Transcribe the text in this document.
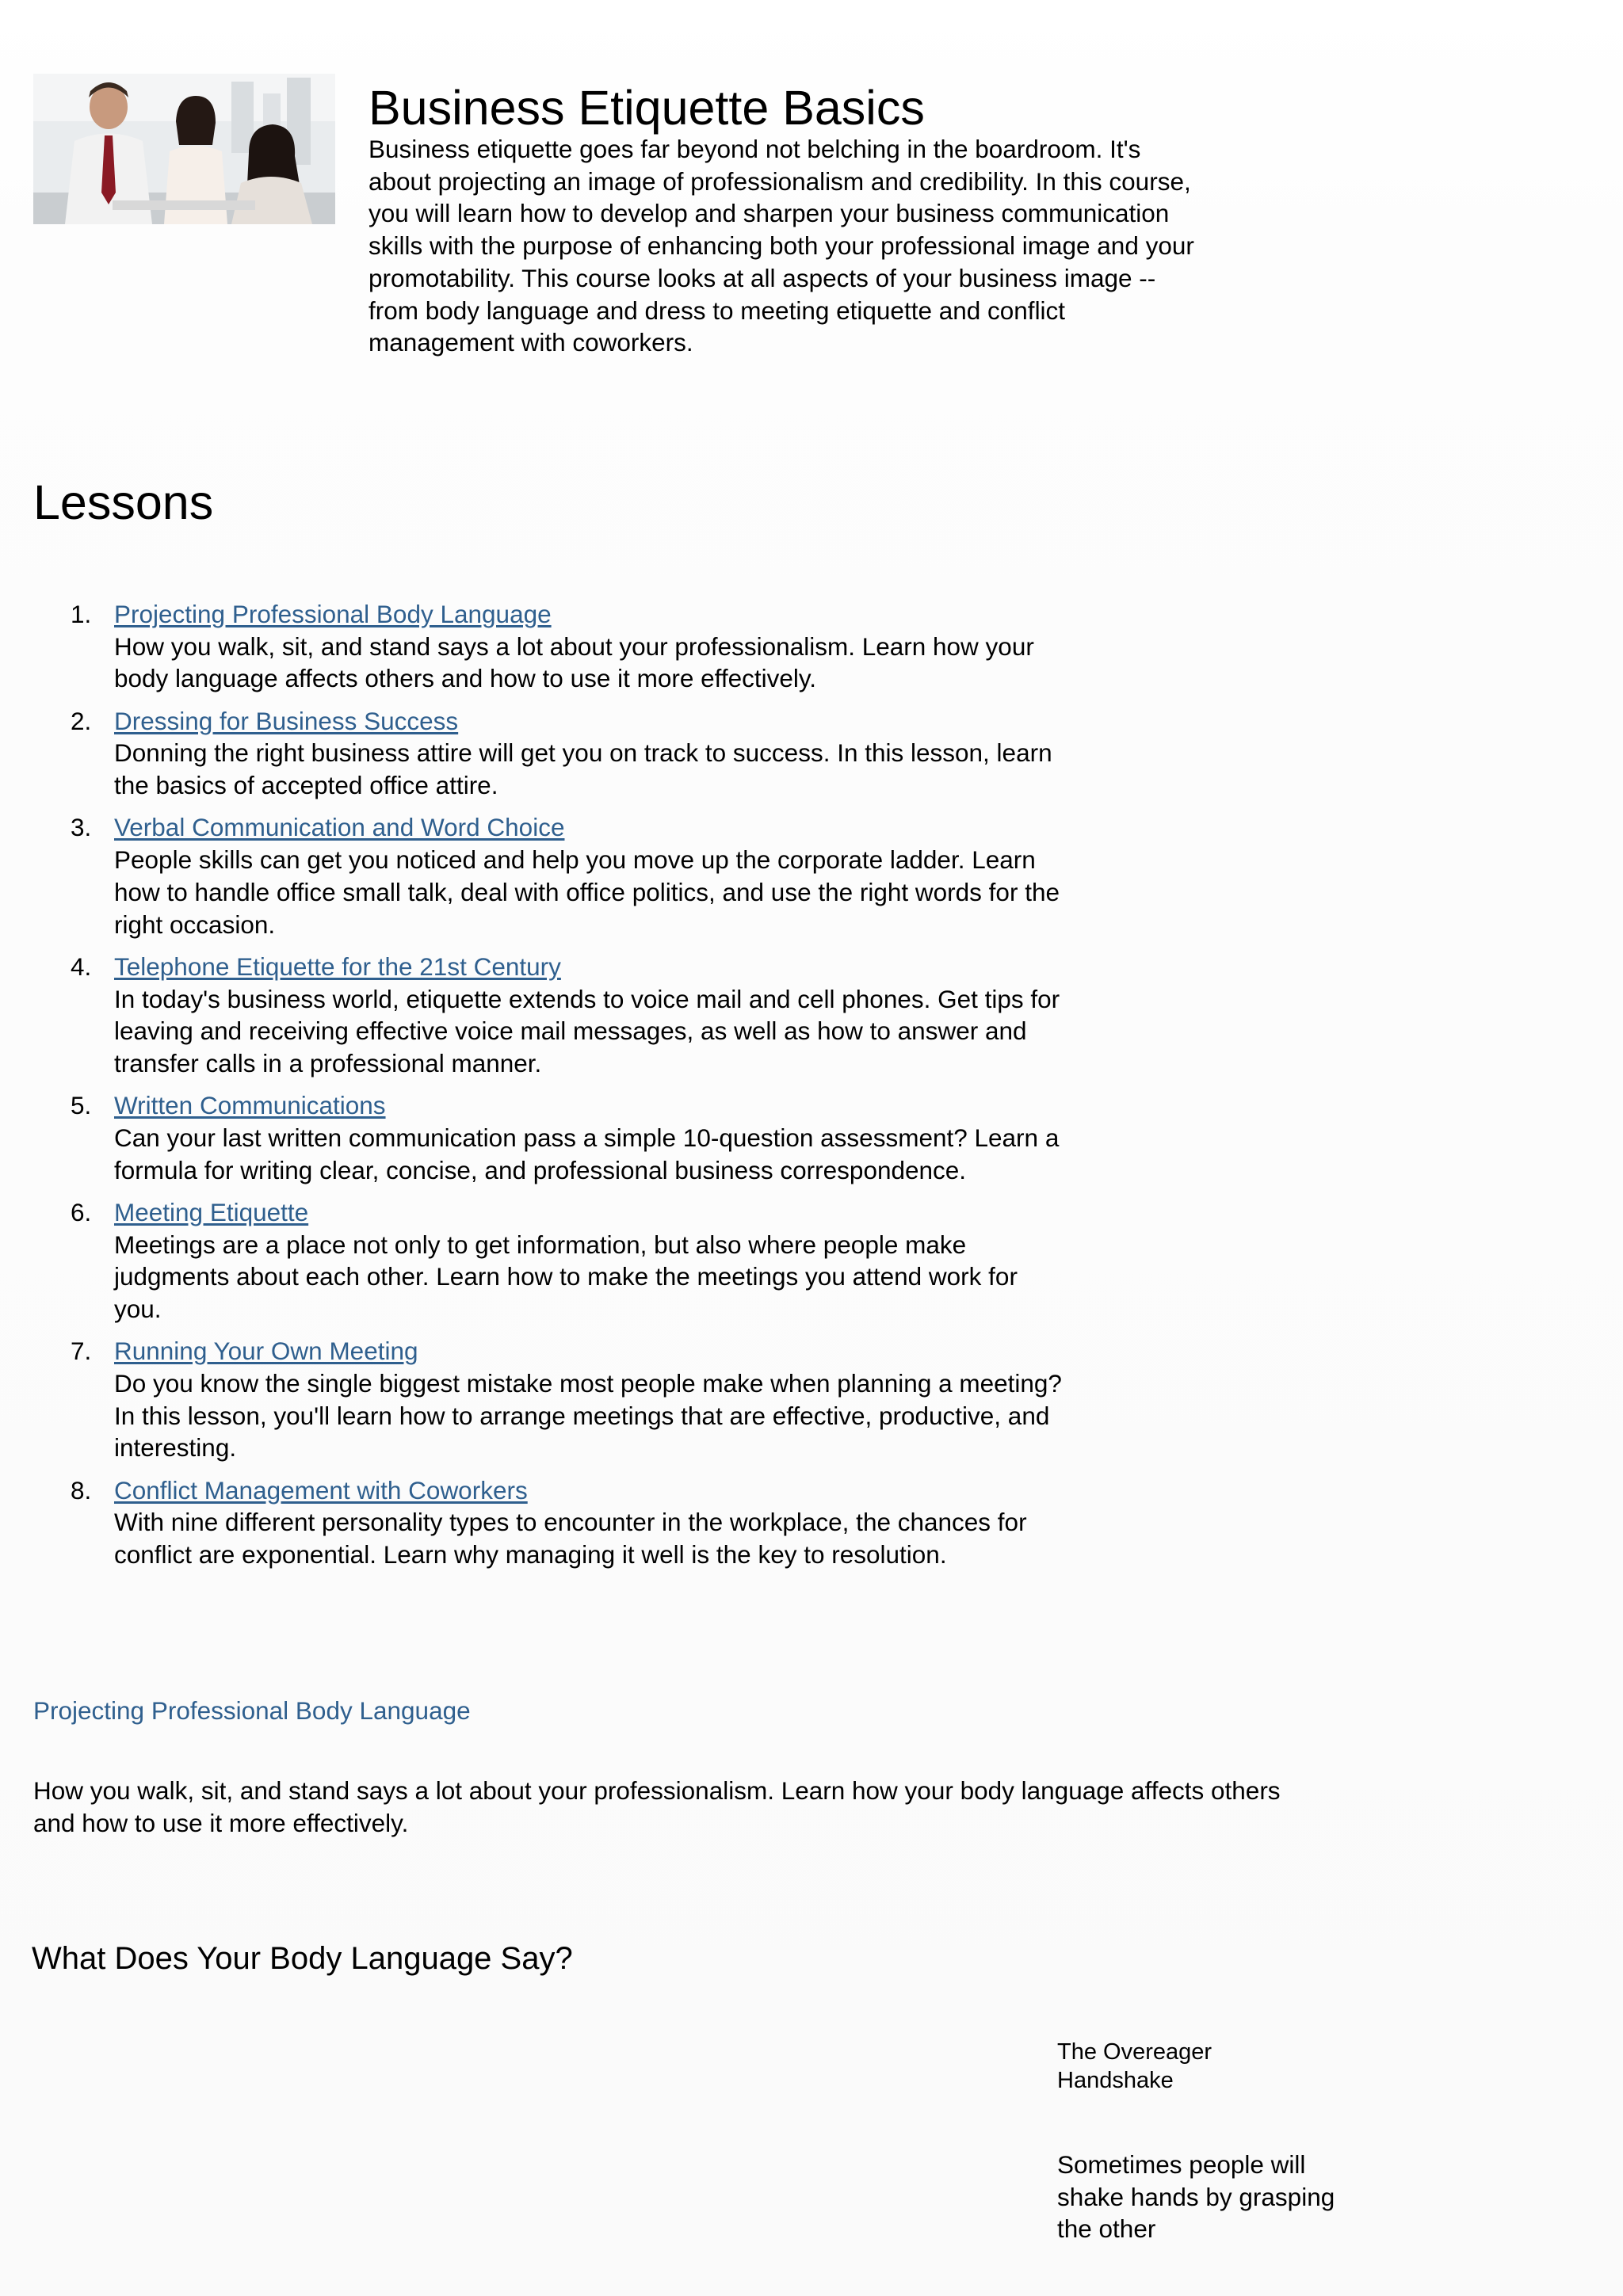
Business Etiquette Basics

Business etiquette goes far beyond not belching in the boardroom. It's about projecting an image of professionalism and credibility. In this course, you will learn how to develop and sharpen your business communication skills with the purpose of enhancing both your professional image and your promotability. This course looks at all aspects of your business image -- from body language and dress to meeting etiquette and conflict management with coworkers.

Lessons
1. Projecting Professional Body Language
How you walk, sit, and stand says a lot about your professionalism. Learn how your body language affects others and how to use it more effectively.
2. Dressing for Business Success
Donning the right business attire will get you on track to success. In this lesson, learn the basics of accepted office attire.
3. Verbal Communication and Word Choice
People skills can get you noticed and help you move up the corporate ladder. Learn how to handle office small talk, deal with office politics, and use the right words for the right occasion.
4. Telephone Etiquette for the 21st Century
In today's business world, etiquette extends to voice mail and cell phones. Get tips for leaving and receiving effective voice mail messages, as well as how to answer and transfer calls in a professional manner.
5. Written Communications
Can your last written communication pass a simple 10-question assessment? Learn a formula for writing clear, concise, and professional business correspondence.
6. Meeting Etiquette
Meetings are a place not only to get information, but also where people make judgments about each other. Learn how to make the meetings you attend work for you.
7. Running Your Own Meeting
Do you know the single biggest mistake most people make when planning a meeting? In this lesson, you'll learn how to arrange meetings that are effective, productive, and interesting.
8. Conflict Management with Coworkers
With nine different personality types to encounter in the workplace, the chances for conflict are exponential. Learn why managing it well is the key to resolution.
Projecting Professional Body Language

How you walk, sit, and stand says a lot about your professionalism. Learn how your body language affects others and how to use it more effectively.

What Does Your Body Language Say?

The Overeager Handshake

Sometimes people will shake hands by grasping the other
